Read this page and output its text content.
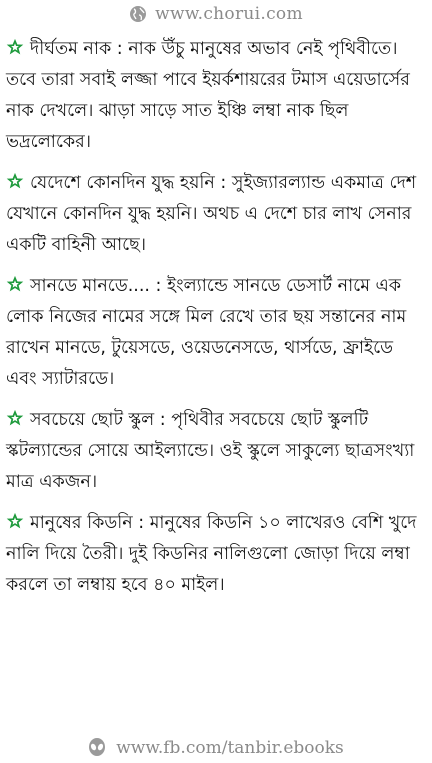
www.chorui.com

দীর্ঘতম নাক : নাক উঁচু মানুষের অভাব নেই পৃথিবীতে। তবে তারা সবাই লজ্জা পাবে ইয়র্কশায়রের টমাস এয়েডার্সের নাক দেখলে। ঝাড়া সাড়ে সাত ইঞ্চি লম্বা নাক ছিল ভদ্রলোকের।

যেদেশে কোনদিন যুদ্ধ হয়নি : সুইজ্যারল্যান্ড একমাত্র দেশ যেখানে কোনদিন যুদ্ধ হয়নি। অথচ এ দেশে চার লাখ সেনার একটি বাহিনী আছে।

সানডে মানডে.... : ইংল্যান্ডে সানডে ডেসার্ট নামে এক লোক নিজের নামের সঙ্গে মিল রেখে তার ছয় সন্তানের নাম রাখেন মানডে, টুয়েসডে, ওয়েডনেসডে, থার্সডে, ফ্রাইডে এবং স্যাটারডে।

সবচেয়ে ছোট স্কুল : পৃথিবীর সবচেয়ে ছোট স্কুলটি স্কটল্যান্ডের সোয়ে আইল্যান্ডে। ওই স্কুলে সাকুল্যে ছাত্রসংখ্যা মাত্র একজন।

মানুষের কিডনি : মানুষের কিডনি ১০ লাখেরও বেশি খুদে নালি দিয়ে তৈরী। দুই কিডনির নালিগুলো জোড়া দিয়ে লম্বা করলে তা লম্বায় হবে ৪০ মাইল।

www.fb.com/tanbir.ebooks
